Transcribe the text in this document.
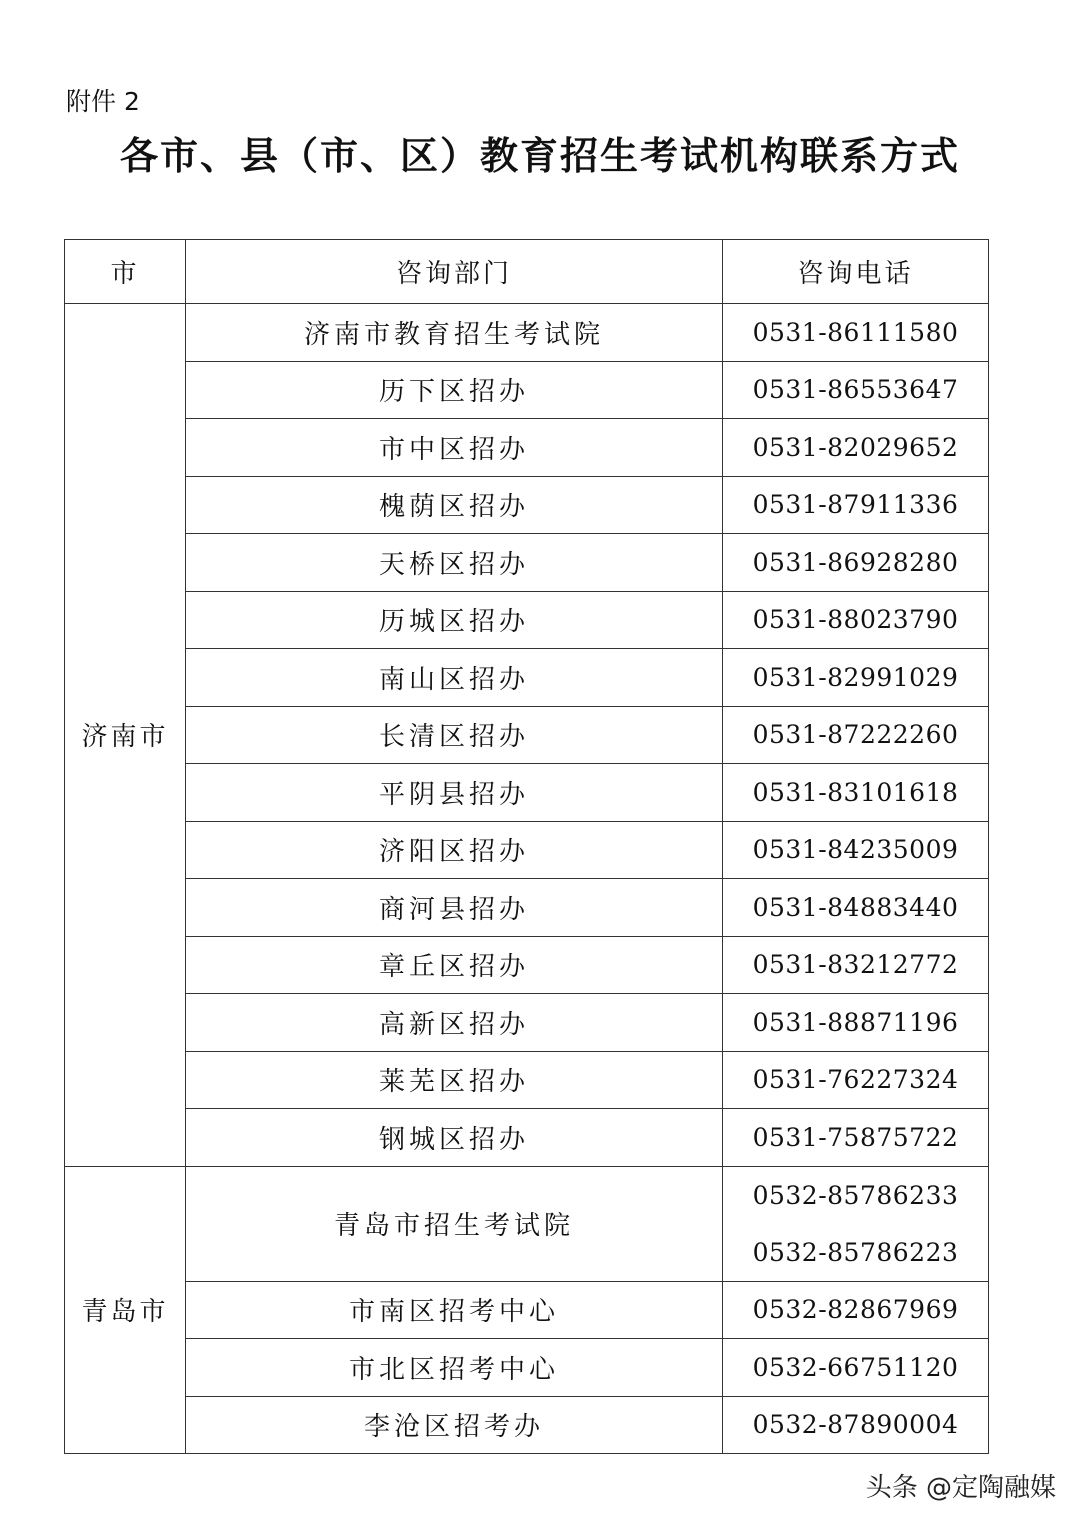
附件 2
各市、县（市、区）教育招生考试机构联系方式
市	咨询部门	咨询电话
济南市	济南市教育招生考试院	0531-86111580
	历下区招办	0531-86553647
	市中区招办	0531-82029652
	槐荫区招办	0531-87911336
	天桥区招办	0531-86928280
	历城区招办	0531-88023790
	南山区招办	0531-82991029
	长清区招办	0531-87222260
	平阴县招办	0531-83101618
	济阳区招办	0531-84235009
	商河县招办	0531-84883440
	章丘区招办	0531-83212772
	高新区招办	0531-88871196
	莱芜区招办	0531-76227324
	钢城区招办	0531-75875722
青岛市	青岛市招生考试院	0532-85786233
		0532-85786223
	市南区招考中心	0532-82867969
	市北区招考中心	0532-66751120
	李沧区招考办	0532-87890004
头条 @定陶融媒
